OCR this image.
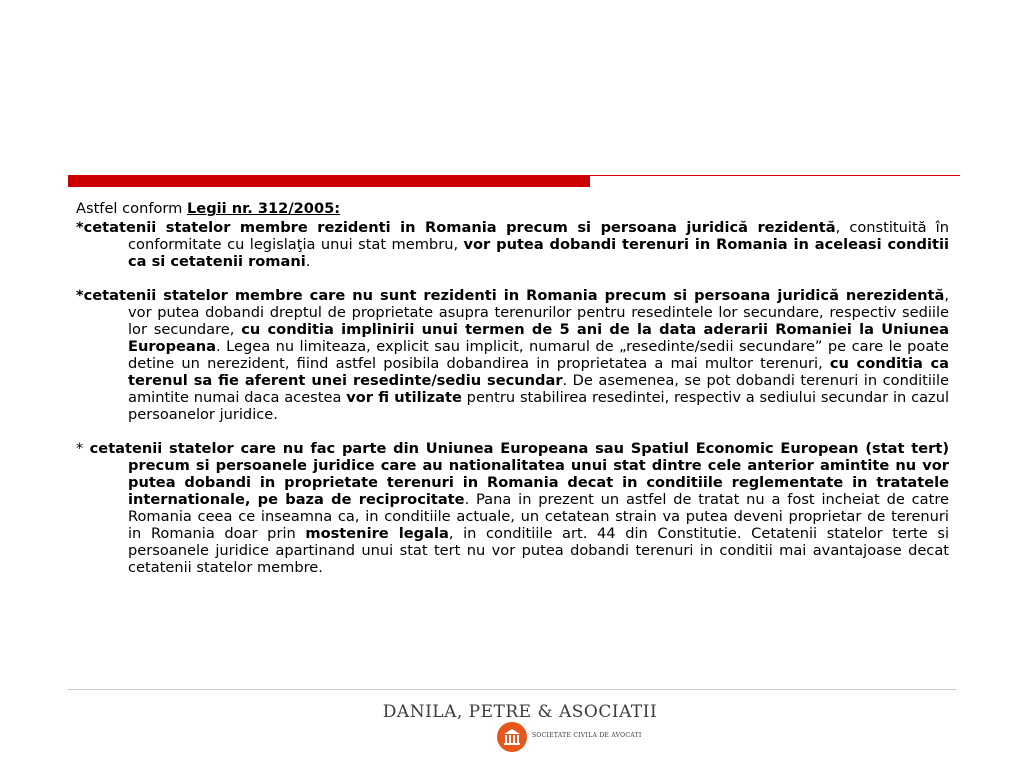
Astfel conform Legii nr. 312/2005:

*cetatenii statelor membre rezidenti in Romania precum si persoana juridică rezidentă, constituită în conformitate cu legislaţia unui stat membru, vor putea dobandi terenuri in Romania in aceleasi conditii ca si cetatenii romani.

*cetatenii statelor membre care nu sunt rezidenti in Romania precum si persoana juridică nerezidentă, vor putea dobandi dreptul de proprietate asupra terenurilor pentru resedintele lor secundare, respectiv sediile lor secundare, cu conditia implinirii unui termen de 5 ani de la data aderarii Romaniei la Uniunea Europeana. Legea nu limiteaza, explicit sau implicit, numarul de „resedinte/sedii secundare” pe care le poate detine un nerezident, fiind astfel posibila dobandirea in proprietatea a mai multor terenuri, cu conditia ca terenul sa fie aferent unei resedinte/sediu secundar. De asemenea, se pot dobandi terenuri in conditiile amintite numai daca acestea vor fi utilizate pentru stabilirea resedintei, respectiv a sediului secundar in cazul persoanelor juridice.

* cetatenii statelor care nu fac parte din Uniunea Europeana sau Spatiul Economic European (stat tert) precum si persoanele juridice care au nationalitatea unui stat dintre cele anterior amintite nu vor putea dobandi in proprietate terenuri in Romania decat in conditiile reglementate in tratatele internationale, pe baza de reciprocitate. Pana in prezent un astfel de tratat nu a fost incheiat de catre Romania ceea ce inseamna ca, in conditiile actuale, un cetatean strain va putea deveni proprietar de terenuri in Romania doar prin mostenire legala, in conditiile art. 44 din Constitutie. Cetatenii statelor terte si persoanele juridice apartinand unui stat tert nu vor putea dobandi terenuri in conditii mai avantajoase decat cetatenii statelor membre.

DANILA, PETRE & ASOCIATII
SOCIETATE CIVILA DE AVOCATI
